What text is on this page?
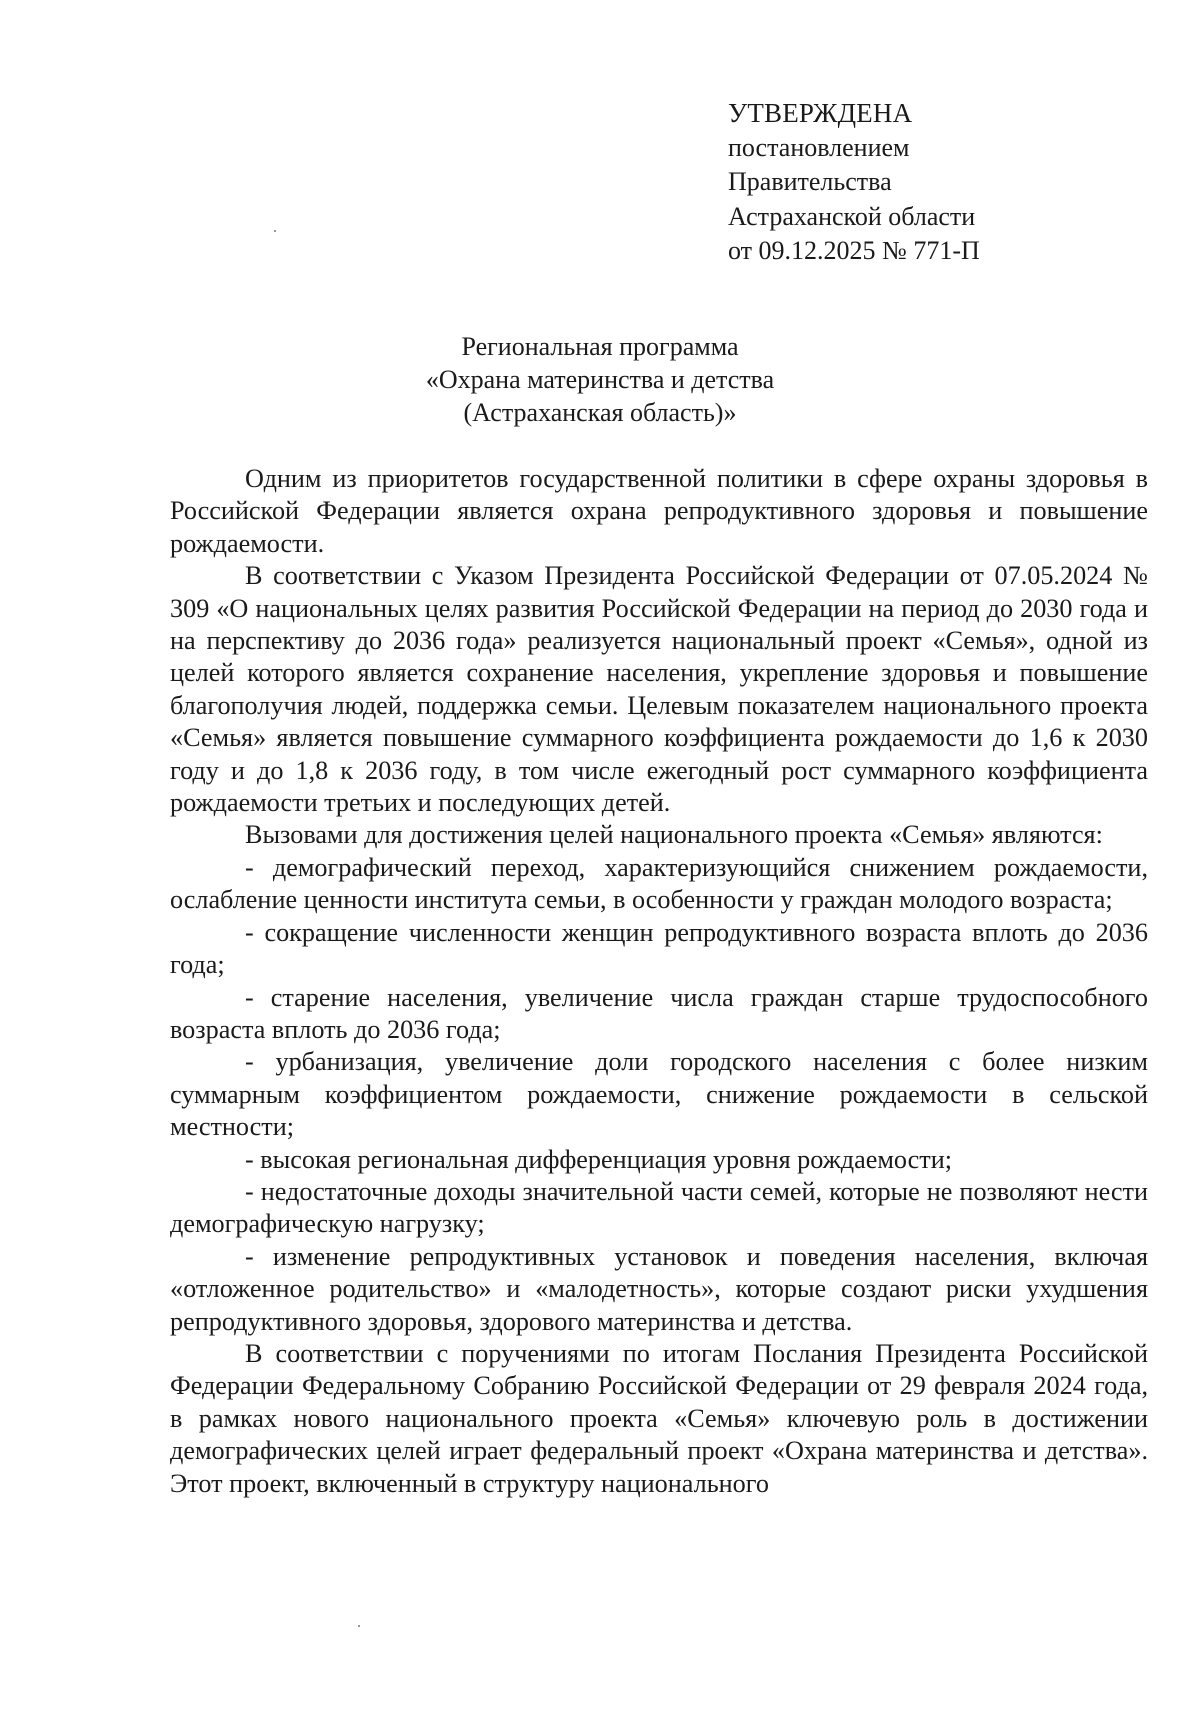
УТВЕРЖДЕНА
постановлением
Правительства
Астраханской области
от 09.12.2025 № 771-П
Региональная программа
«Охрана материнства и детства
(Астраханская область)»

Одним из приоритетов государственной политики в сфере охраны здоровья в Российской Федерации является охрана репродуктивного здоровья и повышение рождаемости.

В соответствии с Указом Президента Российской Федерации от 07.05.2024 № 309 «О национальных целях развития Российской Федерации на период до 2030 года и на перспективу до 2036 года» реализуется национальный проект «Семья», одной из целей которого является сохранение населения, укрепление здоровья и повышение благополучия людей, поддержка семьи. Целевым показателем национального проекта «Семья» является повышение суммарного коэффициента рождаемости до 1,6 к 2030 году и до 1,8 к 2036 году, в том числе ежегодный рост суммарного коэффициента рождаемости третьих и последующих детей.

Вызовами для достижения целей национального проекта «Семья» являются:

- демографический переход, характеризующийся снижением рождаемости, ослабление ценности института семьи, в особенности у граждан молодого возраста;

- сокращение численности женщин репродуктивного возраста вплоть до 2036 года;

- старение населения, увеличение числа граждан старше трудоспособного возраста вплоть до 2036 года;

- урбанизация, увеличение доли городского населения с более низким суммарным коэффициентом рождаемости, снижение рождаемости в сельской местности;

- высокая региональная дифференциация уровня рождаемости;

- недостаточные доходы значительной части семей, которые не позволяют нести демографическую нагрузку;

- изменение репродуктивных установок и поведения населения, включая «отложенное родительство» и «малодетность», которые создают риски ухудшения репродуктивного здоровья, здорового материнства и детства.

В соответствии с поручениями по итогам Послания Президента Российской Федерации Федеральному Собранию Российской Федерации от 29 февраля 2024 года, в рамках нового национального проекта «Семья» ключевую роль в достижении демографических целей играет федеральный проект «Охрана материнства и детства». Этот проект, включенный в структуру национального
